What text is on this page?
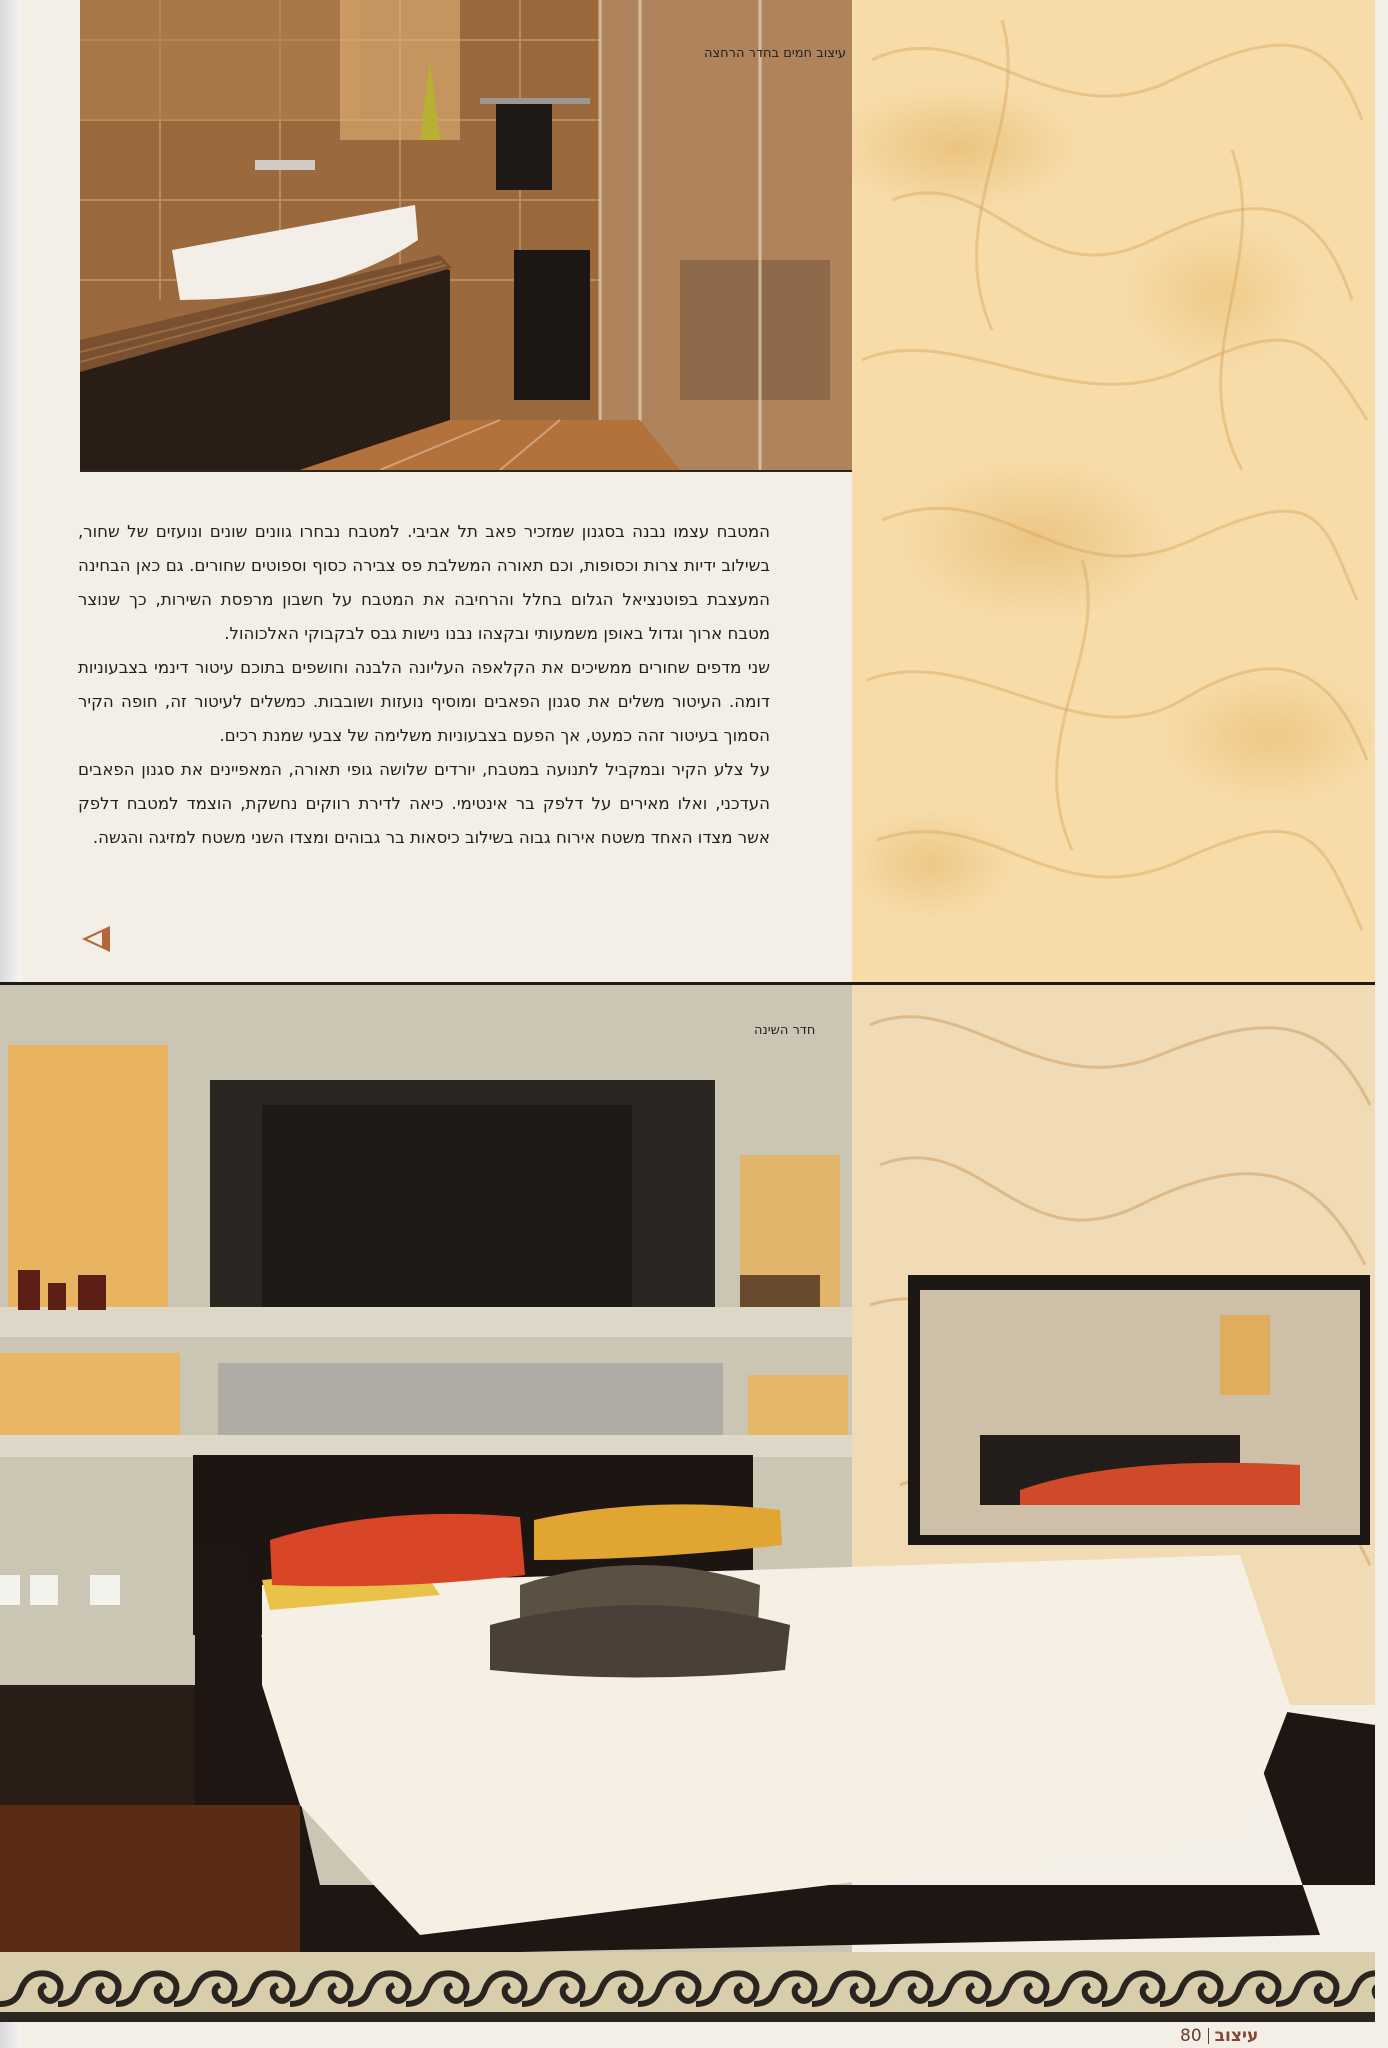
עיצוב חמים בחדר הרחצה

המטבח עצמו נבנה בסגנון שמזכיר פאב תל אביבי. למטבח נבחרו גוונים שונים ונועזים של שחור, בשילוב ידיות צרות וכסופות, וכם תאורה המשלבת פס צבירה כסוף וספוטים שחורים. גם כאן הבחינה המעצבת בפוטנציאל הגלום בחלל והרחיבה את המטבח על חשבון מרפסת השירות, כך שנוצר מטבח ארוך וגדול באופן משמעותי ובקצהו נבנו נישות גבס לבקבוקי האלכוהול.

שני מדפים שחורים ממשיכים את הקלאפה העליונה הלבנה וחושפים בתוכם עיטור דינמי בצבעוניות דומה. העיטור משלים את סגנון הפאבים ומוסיף נועזות ושובבות. כמשלים לעיטור זה, חופה הקיר הסמוך בעיטור זהה כמעט, אך הפעם בצבעוניות משלימה של צבעי שמנת רכים.

על צלע הקיר ובמקביל לתנועה במטבח, יורדים שלושה גופי תאורה, המאפיינים את סגנון הפאבים העדכני, ואלו מאירים על דלפק בר אינטימי. כיאה לדירת רווקים נחשקת, הוצמד למטבח דלפק אשר מצדו האחד משטח אירוח גבוה בשילוב כיסאות בר גבוהים ומצדו השני משטח למזיגה והגשה.

חדר השינה
80 עיצוב
